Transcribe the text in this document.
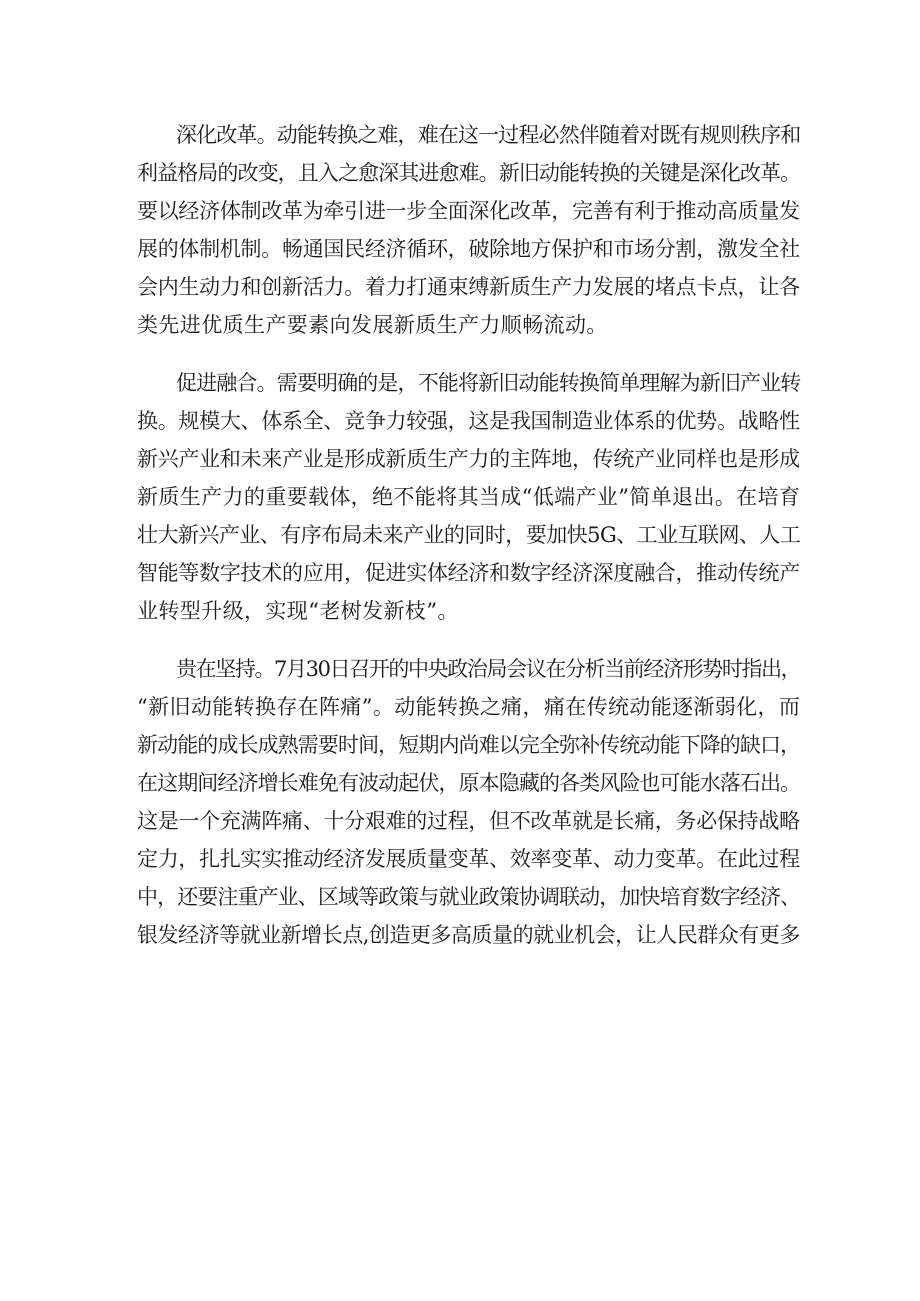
深化改革。动能转换之难，难在这一过程必然伴随着对既有规则秩序和
利益格局的改变，且入之愈深其进愈难。新旧动能转换的关键是深化改革。
要以经济体制改革为牵引进一步全面深化改革，完善有利于推动高质量发
展的体制机制。畅通国民经济循环，破除地方保护和市场分割，激发全社
会内生动力和创新活力。着力打通束缚新质生产力发展的堵点卡点，让各
类先进优质生产要素向发展新质生产力顺畅流动。
促进融合。需要明确的是，不能将新旧动能转换简单理解为新旧产业转
换。规模大、体系全、竞争力较强，这是我国制造业体系的优势。战略性
新兴产业和未来产业是形成新质生产力的主阵地，传统产业同样也是形成
新质生产力的重要载体，绝不能将其当成“低端产业”简单退出。在培育
壮大新兴产业、有序布局未来产业的同时，要加快5G、工业互联网、人工
智能等数字技术的应用，促进实体经济和数字经济深度融合，推动传统产
业转型升级，实现“老树发新枝”。
贵在坚持。7月30日召开的中央政治局会议在分析当前经济形势时指出，
“新旧动能转换存在阵痛”。动能转换之痛，痛在传统动能逐渐弱化，而
新动能的成长成熟需要时间，短期内尚难以完全弥补传统动能下降的缺口，
在这期间经济增长难免有波动起伏，原本隐藏的各类风险也可能水落石出。
这是一个充满阵痛、十分艰难的过程，但不改革就是长痛，务必保持战略
定力，扎扎实实推动经济发展质量变革、效率变革、动力变革。在此过程
中，还要注重产业、区域等政策与就业政策协调联动，加快培育数字经济、
银发经济等就业新增长点,创造更多高质量的就业机会，让人民群众有更多
